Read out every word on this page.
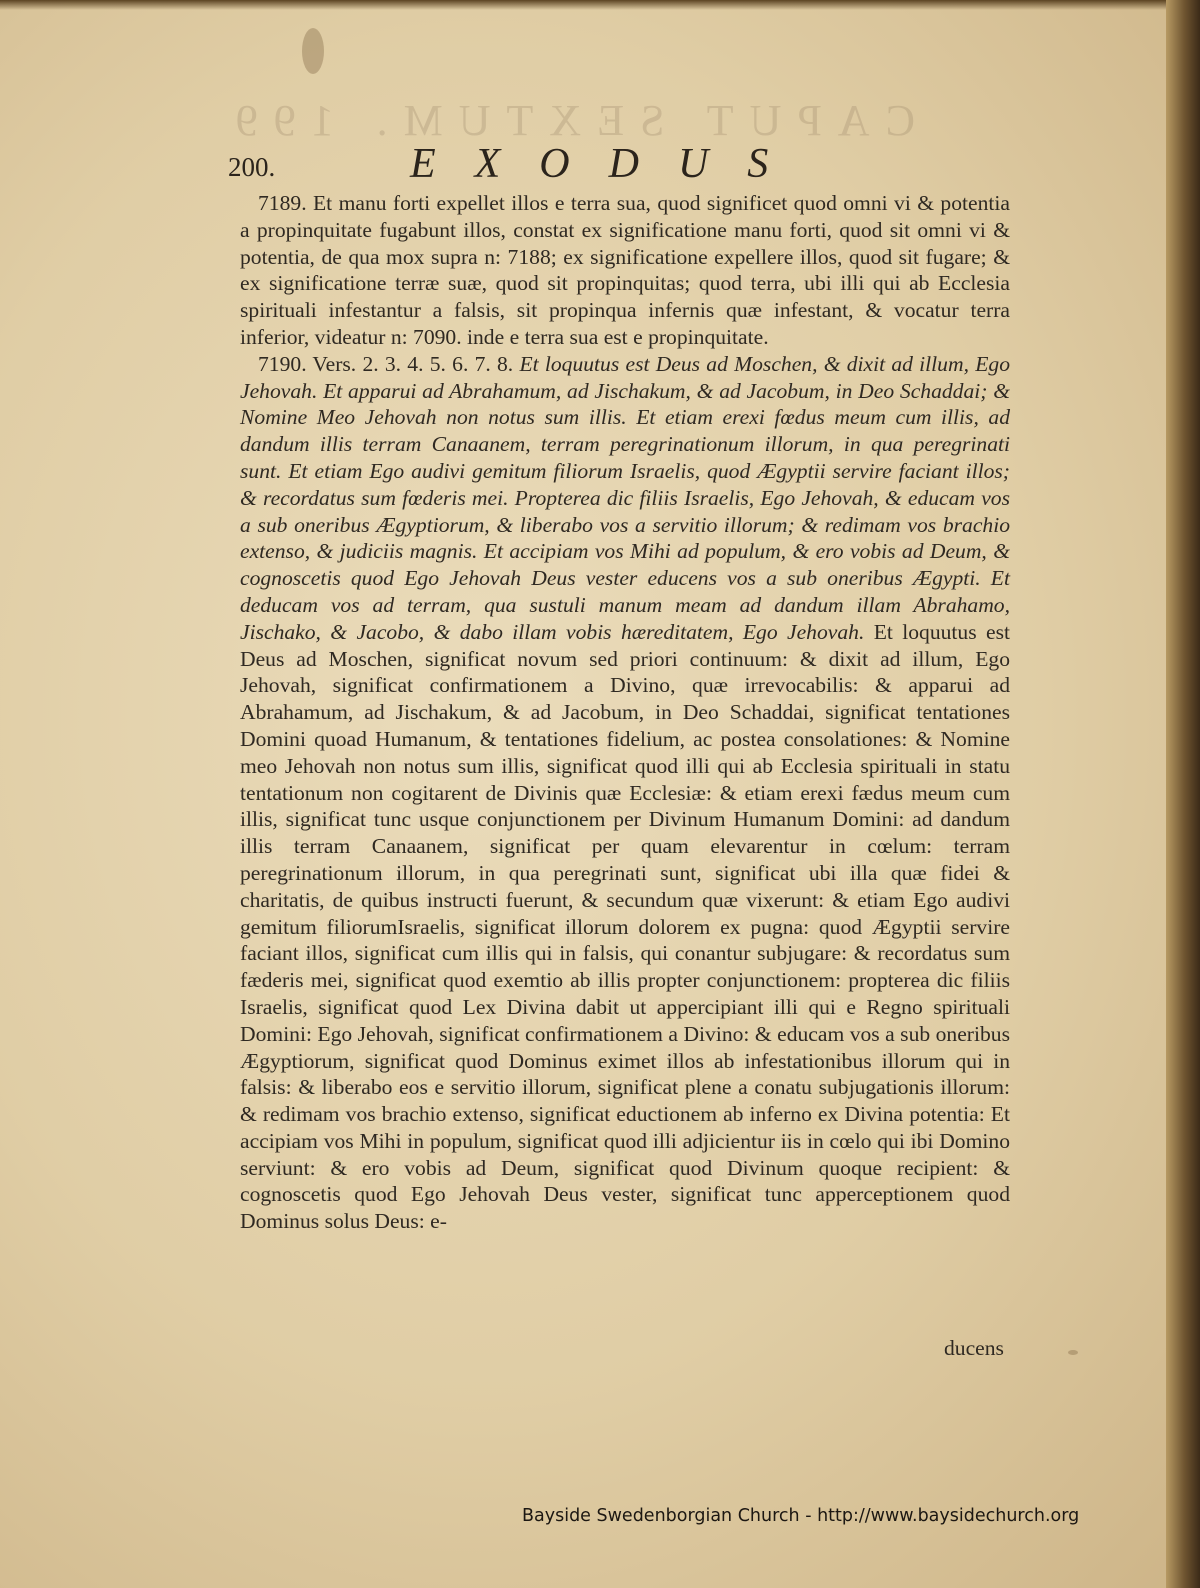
CAPUT SEXTUM. 199
200.	EXODUS

7189. Et manu forti expellet illos e terra sua, quod significet quod omni vi & potentia a propinquitate fugabunt illos, constat ex significatione manu forti, quod sit omni vi & potentia, de qua mox supra n: 7188; ex significatione expellere illos, quod sit fugare; & ex significatione terræ suæ, quod sit propinquitas; quod terra, ubi illi qui ab Ecclesia spirituali infestantur a falsis, sit propinqua infernis quæ infestant, & vocatur terra inferior, videatur n: 7090. inde e terra sua est e propinquitate.

7190. Vers. 2. 3. 4. 5. 6. 7. 8. Et loquutus est Deus ad Moschen, & dixit ad illum, Ego Jehovah. Et apparui ad Abrahamum, ad Jischakum, & ad Jacobum, in Deo Schaddai; & Nomine Meo Jehovah non notus sum illis. Et etiam erexi fœdus meum cum illis, ad dandum illis terram Canaanem, terram peregrinationum illorum, in qua peregrinati sunt. Et etiam Ego audivi gemitum filiorum Israelis, quod Ægyptii servire faciant illos; & recordatus sum fœderis mei. Propterea dic filiis Israelis, Ego Jehovah, & educam vos a sub oneribus Ægyptiorum, & liberabo vos a servitio illorum; & redimam vos brachio extenso, & judiciis magnis. Et accipiam vos Mihi ad populum, & ero vobis ad Deum, & cognoscetis quod Ego Jehovah Deus vester educens vos a sub oneribus Ægypti. Et deducam vos ad terram, qua sustuli manum meam ad dandum illam Abrahamo, Jischako, & Jacobo, & dabo illam vobis hæreditatem, Ego Jehovah. Et loquutus est Deus ad Moschen, significat novum sed priori continuum: & dixit ad illum, Ego Jehovah, significat confirmationem a Divino, quæ irrevocabilis: & apparui ad Abrahamum, ad Jischakum, & ad Jacobum, in Deo Schaddai, significat tentationes Domini quoad Humanum, & tentationes fidelium, ac postea consolationes: & Nomine meo Jehovah non notus sum illis, significat quod illi qui ab Ecclesia spirituali in statu tentationum non cogitarent de Divinis quæ Ecclesiæ: & etiam erexi fædus meum cum illis, significat tunc usque conjunctionem per Divinum Humanum Domini: ad dandum illis terram Canaanem, significat per quam elevarentur in cœlum: terram peregrinationum illorum, in qua peregrinati sunt, significat ubi illa quæ fidei & charitatis, de quibus instructi fuerunt, & secundum quæ vixerunt: & etiam Ego audivi gemitum filiorumIsraelis, significat illorum dolorem ex pugna: quod Ægyptii servire faciant illos, significat cum illis qui in falsis, qui conantur subjugare: & recordatus sum fæderis mei, significat quod exemtio ab illis propter conjunctionem: propterea dic filiis Israelis, significat quod Lex Divina dabit ut appercipiant illi qui e Regno spirituali Domini: Ego Jehovah, significat confirmationem a Divino: & educam vos a sub oneribus Ægyptiorum, significat quod Dominus eximet illos ab infestationibus illorum qui in falsis: & liberabo eos e servitio illorum, significat plene a conatu subjugationis illorum: & redimam vos brachio extenso, significat eductionem ab inferno ex Divina potentia: Et accipiam vos Mihi in populum, significat quod illi adjicientur iis in cœlo qui ibi Domino serviunt: & ero vobis ad Deum, significat quod Divinum quoque recipient: & cognoscetis quod Ego Jehovah Deus vester, significat tunc apperceptionem quod Dominus solus Deus: e-

ducens
Bayside Swedenborgian Church - http://www.baysidechurch.org
